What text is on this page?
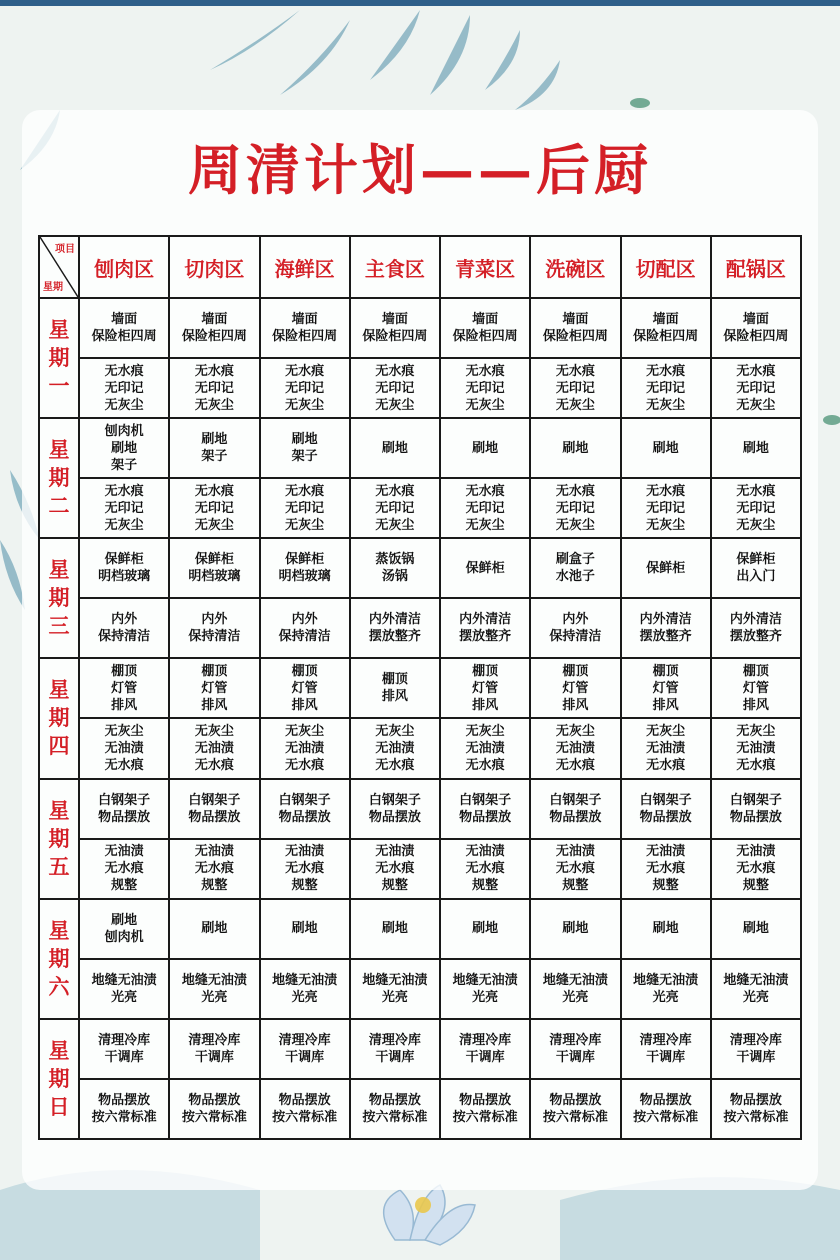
周清计划——后厨
项目
星期	刨肉区	切肉区	海鲜区	主食区	青菜区	洗碗区	切配区	配锅区

星
期
一	墙面
保险柜四周	墙面
保险柜四周	墙面
保险柜四周	墙面
保险柜四周	墙面
保险柜四周	墙面
保险柜四周	墙面
保险柜四周	墙面
保险柜四周

	无水痕
无印记
无灰尘	无水痕
无印记
无灰尘	无水痕
无印记
无灰尘	无水痕
无印记
无灰尘	无水痕
无印记
无灰尘	无水痕
无印记
无灰尘	无水痕
无印记
无灰尘	无水痕
无印记
无灰尘

星
期
二	刨肉机
刷地
架子	刷地
架子	刷地
架子	刷地	刷地	刷地	刷地	刷地

	无水痕
无印记
无灰尘	无水痕
无印记
无灰尘	无水痕
无印记
无灰尘	无水痕
无印记
无灰尘	无水痕
无印记
无灰尘	无水痕
无印记
无灰尘	无水痕
无印记
无灰尘	无水痕
无印记
无灰尘

星
期
三	保鲜柜
明档玻璃	保鲜柜
明档玻璃	保鲜柜
明档玻璃	蒸饭锅
汤锅	保鲜柜	刷盒子
水池子	保鲜柜	保鲜柜
出入门

	内外
保持清洁	内外
保持清洁	内外
保持清洁	内外清洁
摆放整齐	内外清洁
摆放整齐	内外
保持清洁	内外清洁
摆放整齐	内外清洁
摆放整齐

星
期
四	棚顶
灯管
排风	棚顶
灯管
排风	棚顶
灯管
排风	棚顶
排风	棚顶
灯管
排风	棚顶
灯管
排风	棚顶
灯管
排风	棚顶
灯管
排风

	无灰尘
无油渍
无水痕	无灰尘
无油渍
无水痕	无灰尘
无油渍
无水痕	无灰尘
无油渍
无水痕	无灰尘
无油渍
无水痕	无灰尘
无油渍
无水痕	无灰尘
无油渍
无水痕	无灰尘
无油渍
无水痕

星
期
五	白钢架子
物品摆放	白钢架子
物品摆放	白钢架子
物品摆放	白钢架子
物品摆放	白钢架子
物品摆放	白钢架子
物品摆放	白钢架子
物品摆放	白钢架子
物品摆放

	无油渍
无水痕
规整	无油渍
无水痕
规整	无油渍
无水痕
规整	无油渍
无水痕
规整	无油渍
无水痕
规整	无油渍
无水痕
规整	无油渍
无水痕
规整	无油渍
无水痕
规整

星
期
六	刷地
刨肉机	刷地	刷地	刷地	刷地	刷地	刷地	刷地

	地缝无油渍
光亮	地缝无油渍
光亮	地缝无油渍
光亮	地缝无油渍
光亮	地缝无油渍
光亮	地缝无油渍
光亮	地缝无油渍
光亮	地缝无油渍
光亮

星
期
日	清理冷库
干调库	清理冷库
干调库	清理冷库
干调库	清理冷库
干调库	清理冷库
干调库	清理冷库
干调库	清理冷库
干调库	清理冷库
干调库

	物品摆放
按六常标准	物品摆放
按六常标准	物品摆放
按六常标准	物品摆放
按六常标准	物品摆放
按六常标准	物品摆放
按六常标准	物品摆放
按六常标准	物品摆放
按六常标准
